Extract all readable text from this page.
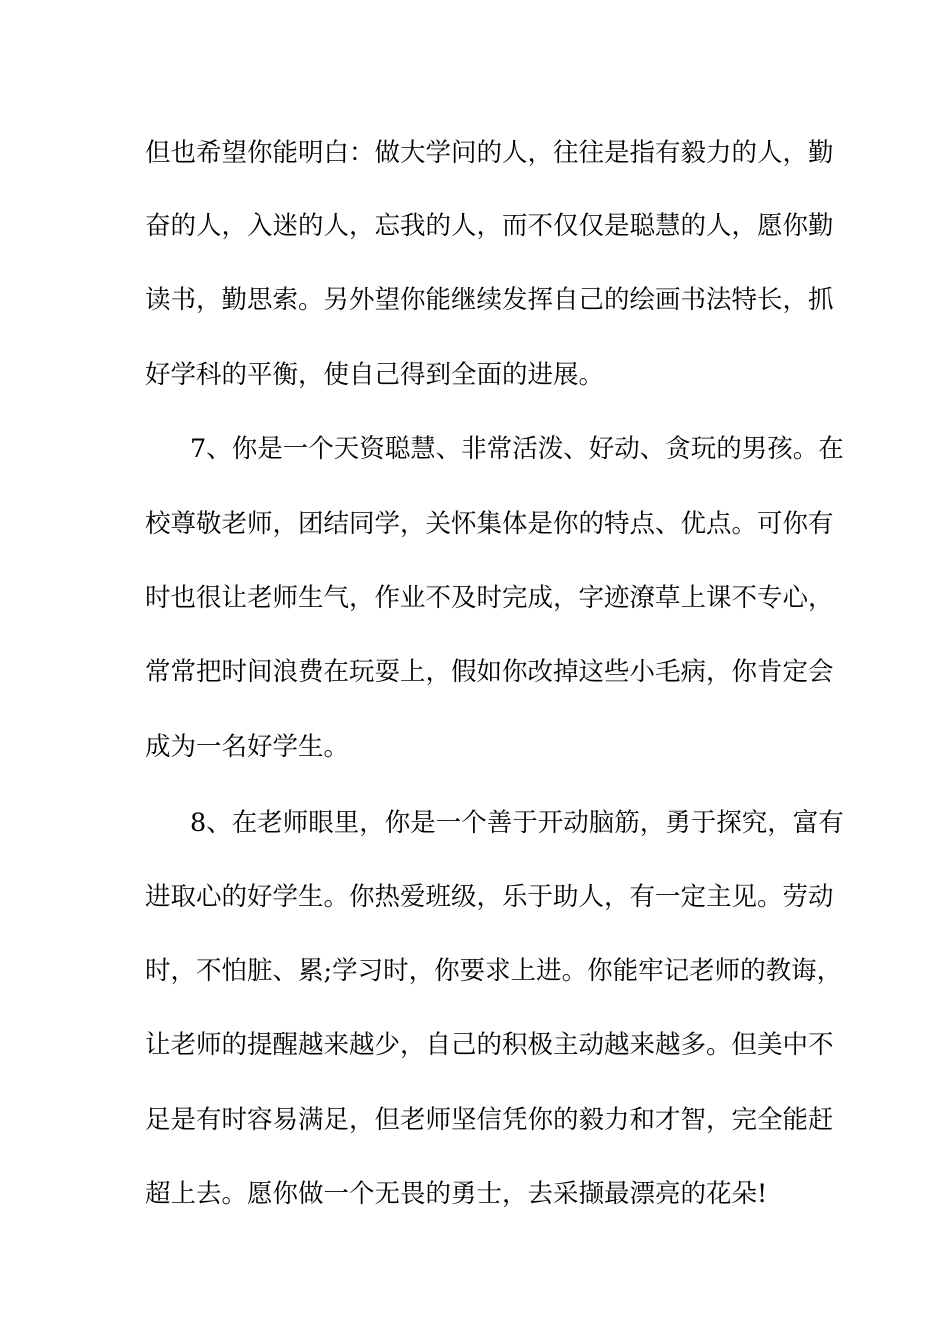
但也希望你能明白：做大学问的人，往往是指有毅力的人，勤
奋的人，入迷的人，忘我的人，而不仅仅是聪慧的人，愿你勤
读书，勤思索。另外望你能继续发挥自己的绘画书法特长，抓
好学科的平衡，使自己得到全面的进展。
7、你是一个天资聪慧、非常活泼、好动、贪玩的男孩。在
校尊敬老师，团结同学，关怀集体是你的特点、优点。可你有
时也很让老师生气，作业不及时完成，字迹潦草上课不专心，
常常把时间浪费在玩耍上，假如你改掉这些小毛病，你肯定会
成为一名好学生。
8、在老师眼里，你是一个善于开动脑筋，勇于探究，富有
进取心的好学生。你热爱班级，乐于助人，有一定主见。劳动
时，不怕脏、累;学习时，你要求上进。你能牢记老师的教诲，
让老师的提醒越来越少，自己的积极主动越来越多。但美中不
足是有时容易满足，但老师坚信凭你的毅力和才智，完全能赶
超上去。愿你做一个无畏的勇士，去采撷最漂亮的花朵!
